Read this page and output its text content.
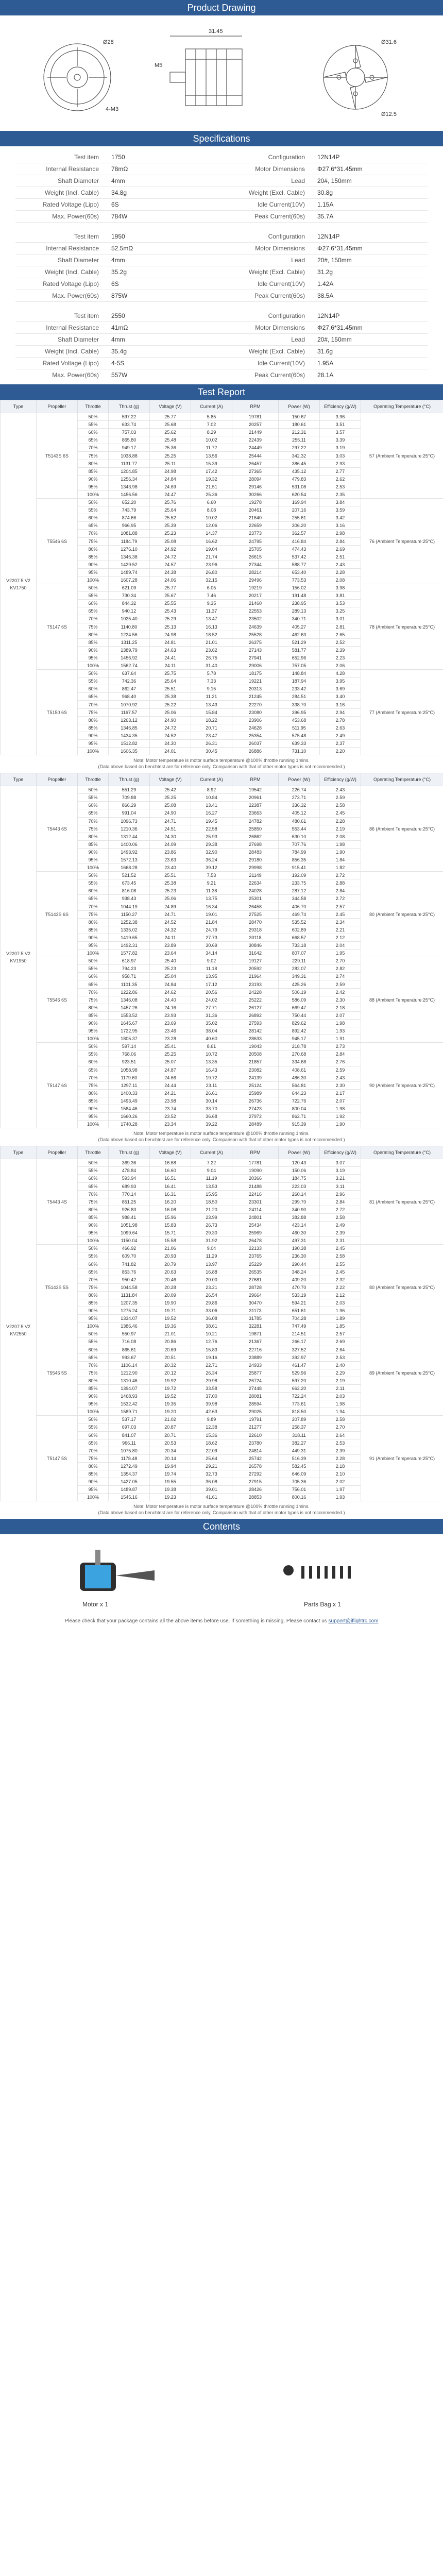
Product Drawing
31.45
Ø28
M5
Ø31.6
4-M3
Ø12.5
Specifications
Test item	1750	Configuration	12N14P
Internal Resistance	78mΩ	Motor Dimensions	Φ27.6*31.45mm
Shaft Diameter	4mm	Lead	20#, 150mm
Weight (Incl. Cable)	34.8g	Weight (Excl. Cable)	30.8g
Rated Voltage (Lipo)	6S	Idle Current(10V)	1.15A
Max. Power(60s)	784W	Peak Current(60s)	35.7A
Test item	1950	Configuration	12N14P
Internal Resistance	52.5mΩ	Motor Dimensions	Φ27.6*31.45mm
Shaft Diameter	4mm	Lead	20#, 150mm
Weight (Incl. Cable)	35.2g	Weight (Excl. Cable)	31.2g
Rated Voltage (Lipo)	6S	Idle Current(10V)	1.42A
Max. Power(60s)	875W	Peak Current(60s)	38.5A
Test item	2550	Configuration	12N14P
Internal Resistance	41mΩ	Motor Dimensions	Φ27.6*31.45mm
Shaft Diameter	4mm	Lead	20#, 150mm
Weight (Incl. Cable)	35.4g	Weight (Excl. Cable)	31.6g
Rated Voltage (Lipo)	4-5S	Idle Current(10V)	1.95A
Max. Power(60s)	557W	Peak Current(60s)	28.1A
Test Report
Type	Propeller	Throttle	Thrust (g)	Voltage (V)	Current (A)	RPM	Power (W)	Efficiency (g/W)	Operating Temperature (°C)
V2207.5 V2 KV1750	T5143S 6S	50%	597.22	25.77	5.85	19781	150.67	3.96	57 (Ambient Temperature:25°C)
		55%	633.74	25.68	7.02	20257	180.61	3.51	
		60%	757.03	25.62	8.29	21449	212.31	3.57	
		65%	865.80	25.48	10.02	22439	255.11	3.39	
		70%	949.17	25.36	11.72	24449	297.22	3.19	
		75%	1038.88	25.25	13.56	25444	342.32	3.03	
		80%	1131.77	25.11	15.39	26457	386.45	2.93	
		85%	1204.85	24.98	17.42	27365	435.12	2.77	
		90%	1256.34	24.84	19.32	28094	479.83	2.62	
		95%	1343.98	24.69	21.51	29146	531.08	2.53	
		100%	1456.56	24.47	25.36	30266	620.54	2.35	
	T5546 6S	50%	652.20	25.76	6.60	19278	169.94	3.84	76 (Ambient Temperature:25°C)
		55%	743.79	25.64	8.08	20461	207.16	3.59	
		60%	874.66	25.52	10.02	21640	255.61	3.42	
		65%	966.95	25.39	12.06	22659	306.20	3.16	
		70%	1081.88	25.23	14.37	23773	362.57	2.98	
		75%	1184.79	25.08	16.62	24795	416.84	2.84	
		80%	1276.10	24.92	19.04	25705	474.43	2.69	
		85%	1346.38	24.72	21.74	26615	537.42	2.51	
		90%	1429.52	24.57	23.96	27344	588.77	2.43	
		95%	1489.74	24.38	26.80	28214	653.40	2.28	
		100%	1607.28	24.06	32.15	29496	773.53	2.08	
	T5147 6S	50%	621.09	25.77	6.05	19219	156.02	3.98	78 (Ambient Temperature:25°C)
		55%	730.34	25.67	7.46	20217	191.48	3.81	
		60%	844.32	25.55	9.35	21460	238.95	3.53	
		65%	940.12	25.43	11.37	22553	289.13	3.25	
		70%	1025.40	25.29	13.47	23502	340.71	3.01	
		75%	1140.80	25.13	16.13	24639	405.27	2.81	
		80%	1224.56	24.98	18.52	25528	462.63	2.65	
		85%	1311.25	24.81	21.01	26375	521.29	2.52	
		90%	1389.79	24.63	23.62	27143	581.77	2.39	
		95%	1456.92	24.41	26.75	27941	652.96	2.23	
		100%	1562.74	24.11	31.40	29006	757.05	2.06	
	T5150 6S	50%	637.64	25.75	5.78	18175	148.84	4.28	77 (Ambient Temperature:25°C)
		55%	742.36	25.64	7.33	19221	187.94	3.95	
		60%	862.47	25.51	9.15	20313	233.42	3.69	
		65%	968.40	25.38	11.21	21245	284.51	3.40	
		70%	1070.92	25.22	13.43	22270	338.70	3.16	
		75%	1167.57	25.06	15.84	23080	396.95	2.94	
		80%	1263.12	24.90	18.22	23906	453.68	2.78	
		85%	1346.85	24.72	20.71	24628	511.95	2.63	
		90%	1434.35	24.52	23.47	25354	575.48	2.49	
		95%	1512.82	24.30	26.31	26037	639.33	2.37	
		100%	1606.35	24.01	30.45	26886	731.10	2.20	
Note: Motor temperature is motor surface temperature @100% throttle running 1mins.
(Data above based on benchtest are for reference only. Comparison with that of other motor types is not recommended.)
Type	Propeller	Throttle	Thrust (g)	Voltage (V)	Current (A)	RPM	Power (W)	Efficiency (g/W)	Operating Temperature (°C)
V2207.5 V2 KV1950	T5443 6S	50%	551.29	25.42	8.92	19542	226.74	2.43	86 (Ambient Temperature:25°C)
		55%	709.88	25.25	10.84	20961	273.71	2.59	
		60%	866.29	25.08	13.41	22387	336.32	2.58	
		65%	991.04	24.90	16.27	23663	405.12	2.45	
		70%	1096.73	24.71	19.45	24782	480.61	2.28	
		75%	1210.36	24.51	22.58	25850	553.44	2.19	
		80%	1312.44	24.30	25.93	26862	630.10	2.08	
		85%	1400.06	24.09	29.38	27698	707.76	1.98	
		90%	1493.92	23.86	32.90	28483	784.99	1.90	
		95%	1572.13	23.63	36.24	29180	856.35	1.84	
		100%	1668.28	23.40	39.12	29998	915.41	1.82	
	T5143S 6S	50%	521.52	25.51	7.53	21149	192.09	2.72	80 (Ambient Temperature:25°C)
		55%	673.45	25.38	9.21	22634	233.75	2.88	
		60%	816.08	25.23	11.38	24028	287.12	2.84	
		65%	938.43	25.06	13.75	25301	344.58	2.72	
		70%	1044.19	24.89	16.34	26458	406.70	2.57	
		75%	1150.27	24.71	19.01	27525	469.74	2.45	
		80%	1252.38	24.52	21.84	28470	535.52	2.34	
		85%	1335.02	24.32	24.79	29318	602.89	2.21	
		90%	1419.65	24.11	27.73	30118	668.57	2.12	
		95%	1492.31	23.89	30.69	30846	733.18	2.04	
		100%	1577.82	23.64	34.14	31642	807.07	1.95	
	T5546 6S	50%	618.97	25.40	9.02	19127	229.11	2.70	88 (Ambient Temperature:25°C)
		55%	794.23	25.23	11.18	20592	282.07	2.82	
		60%	958.71	25.04	13.95	21964	349.31	2.74	
		65%	1101.35	24.84	17.12	23193	425.26	2.59	
		70%	1222.86	24.62	20.56	24228	506.19	2.42	
		75%	1346.08	24.40	24.02	25222	586.09	2.30	
		80%	1457.26	24.16	27.71	26127	669.47	2.18	
		85%	1553.52	23.93	31.36	26892	750.44	2.07	
		90%	1645.67	23.69	35.02	27593	829.62	1.98	
		95%	1722.95	23.46	38.04	28142	892.42	1.93	
		100%	1805.37	23.28	40.60	28633	945.17	1.91	
	T5147 6S	50%	597.14	25.41	8.61	19043	218.78	2.73	90 (Ambient Temperature:25°C)
		55%	768.06	25.25	10.72	20508	270.68	2.84	
		60%	923.51	25.07	13.35	21857	334.68	2.76	
		65%	1058.98	24.87	16.43	23082	408.61	2.59	
		70%	1179.60	24.66	19.72	24139	486.30	2.43	
		75%	1297.11	24.44	23.11	25124	564.81	2.30	
		80%	1400.33	24.21	26.61	25989	644.23	2.17	
		85%	1493.49	23.98	30.14	26736	722.76	2.07	
		90%	1584.46	23.74	33.70	27423	800.04	1.98	
		95%	1660.26	23.52	36.68	27972	862.71	1.92	
		100%	1740.28	23.34	39.22	28489	915.39	1.90	
Note: Motor temperature is motor surface temperature @100% throttle running 1mins.
(Data above based on benchtest are for reference only. Comparison with that of other motor types is not recommended.)
Type	Propeller	Throttle	Thrust (g)	Voltage (V)	Current (A)	RPM	Power (W)	Efficiency (g/W)	Operating Temperature (°C)
V2207.5 V2 KV2550	T5443 4S	50%	369.36	16.68	7.22	17781	120.43	3.07	81 (Ambient Temperature:25°C)
		55%	478.84	16.60	9.04	19090	150.06	3.19	
		60%	593.94	16.51	11.19	20366	184.75	3.21	
		65%	689.93	16.41	13.53	21488	222.03	3.11	
		70%	770.14	16.31	15.95	22416	260.14	2.96	
		75%	851.25	16.20	18.50	23301	299.70	2.84	
		80%	926.83	16.08	21.20	24114	340.90	2.72	
		85%	988.41	15.96	23.99	24801	382.88	2.58	
		90%	1051.98	15.83	26.73	25434	423.14	2.49	
		95%	1099.64	15.71	29.30	25969	460.30	2.39	
		100%	1150.04	15.58	31.92	26478	497.31	2.31	
	T5143S 5S	50%	466.92	21.06	9.04	22133	190.38	2.45	80 (Ambient Temperature:25°C)
		55%	609.70	20.93	11.29	23765	236.30	2.58	
		60%	741.82	20.79	13.97	25229	290.44	2.55	
		65%	853.76	20.63	16.88	26535	348.24	2.45	
		70%	950.42	20.46	20.00	27681	409.20	2.32	
		75%	1044.58	20.28	23.21	28728	470.70	2.22	
		80%	1131.84	20.09	26.54	29664	533.19	2.12	
		85%	1207.35	19.90	29.86	30470	594.21	2.03	
		90%	1275.24	19.71	33.06	31173	651.61	1.96	
		95%	1334.07	19.52	36.08	31785	704.28	1.89	
		100%	1386.46	19.36	38.61	32281	747.49	1.85	
	T5546 5S	50%	550.97	21.01	10.21	19871	214.51	2.57	89 (Ambient Temperature:25°C)
		55%	716.08	20.86	12.76	21367	266.17	2.69	
		60%	865.61	20.69	15.83	22716	327.52	2.64	
		65%	993.67	20.51	19.16	23889	392.97	2.53	
		70%	1106.14	20.32	22.71	24933	461.47	2.40	
		75%	1212.90	20.12	26.34	25877	529.96	2.29	
		80%	1310.46	19.92	29.98	26724	597.20	2.19	
		85%	1394.07	19.72	33.58	27448	662.20	2.11	
		90%	1468.93	19.52	37.00	28081	722.24	2.03	
		95%	1532.42	19.35	39.98	28594	773.61	1.98	
		100%	1589.71	19.20	42.63	29025	818.50	1.94	
	T5147 5S	50%	537.17	21.02	9.89	19791	207.89	2.58	91 (Ambient Temperature:25°C)
		55%	697.03	20.87	12.38	21277	258.37	2.70	
		60%	841.07	20.71	15.36	22610	318.11	2.64	
		65%	966.11	20.53	18.62	23780	382.27	2.53	
		70%	1075.80	20.34	22.09	24814	449.31	2.39	
		75%	1178.48	20.14	25.64	25742	516.39	2.28	
		80%	1272.49	19.94	29.21	26578	582.45	2.18	
		85%	1354.37	19.74	32.73	27292	646.09	2.10	
		90%	1427.05	19.55	36.08	27915	705.36	2.02	
		95%	1489.87	19.38	39.01	28426	756.01	1.97	
		100%	1545.16	19.23	41.61	28853	800.16	1.93	
Note: Motor temperature is motor surface temperature @100% throttle running 1mins.
(Data above based on benchtest are for reference only. Comparison with that of other motor types is not recommended.)
Contents
Motor x 1	Parts Bag x 1
Please check that your package contains all the above items before use. If something is missing, Please contact us support@iflightrc.com
